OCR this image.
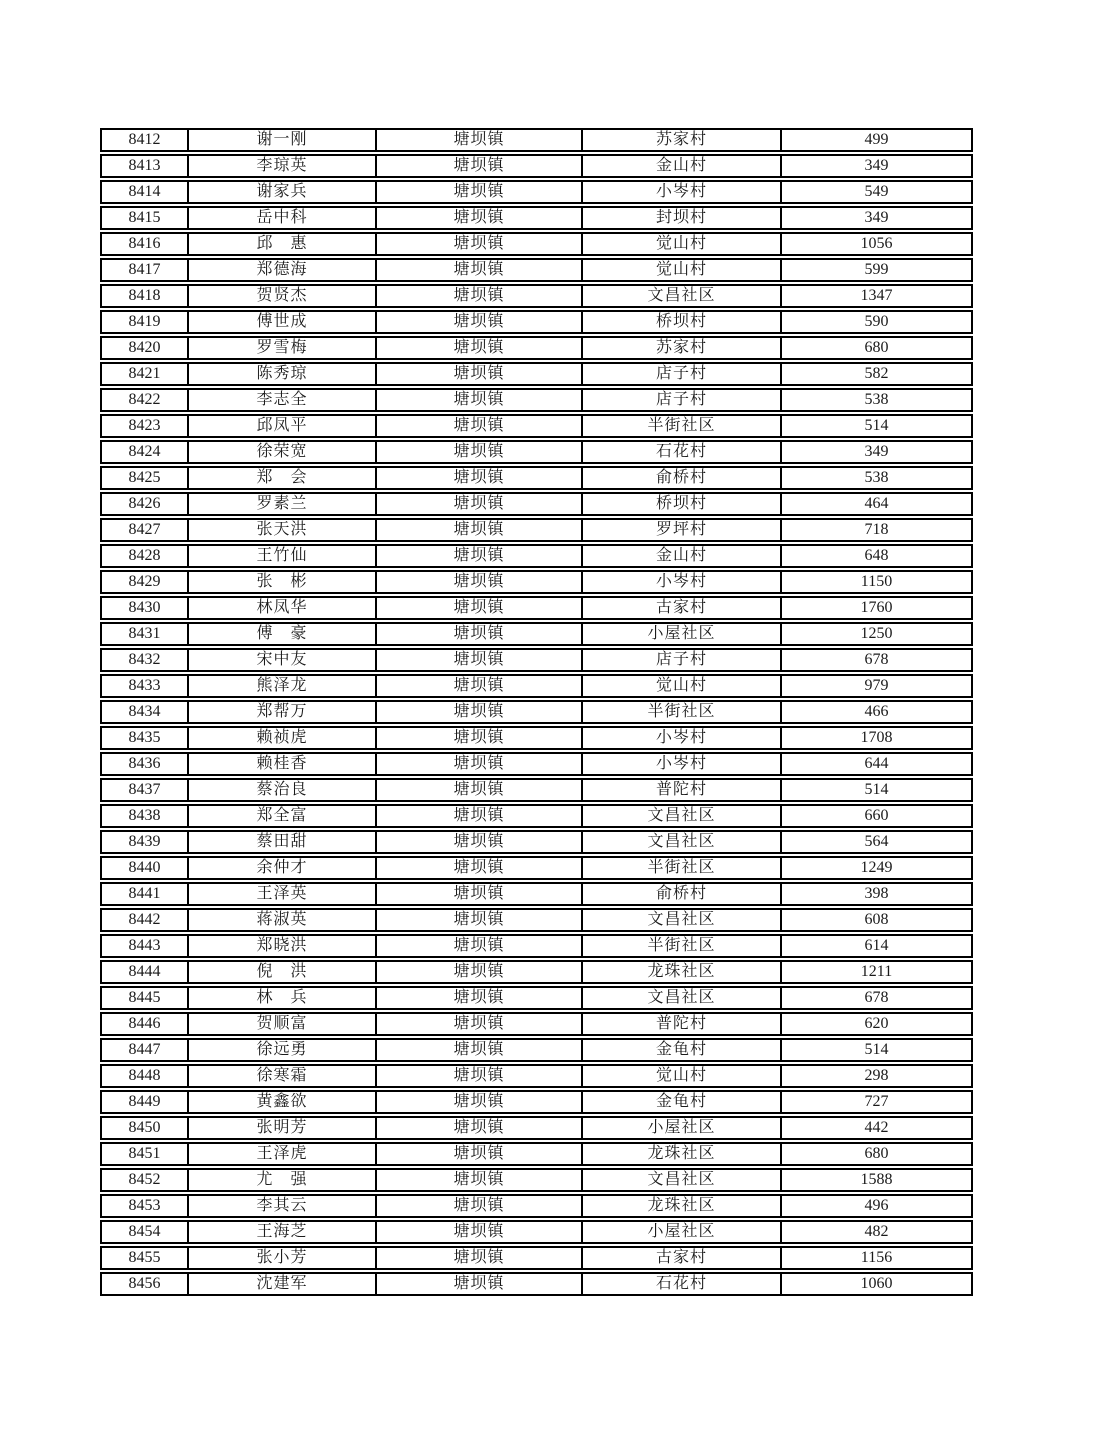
8412	谢一刚	塘坝镇	苏家村	499
8413	李琼英	塘坝镇	金山村	349
8414	谢家兵	塘坝镇	小岑村	549
8415	岳中科	塘坝镇	封坝村	349
8416	邱　惠	塘坝镇	觉山村	1056
8417	郑德海	塘坝镇	觉山村	599
8418	贺贤杰	塘坝镇	文昌社区	1347
8419	傅世成	塘坝镇	桥坝村	590
8420	罗雪梅	塘坝镇	苏家村	680
8421	陈秀琼	塘坝镇	店子村	582
8422	李志全	塘坝镇	店子村	538
8423	邱凤平	塘坝镇	半街社区	514
8424	徐荣宽	塘坝镇	石花村	349
8425	郑　会	塘坝镇	俞桥村	538
8426	罗素兰	塘坝镇	桥坝村	464
8427	张天洪	塘坝镇	罗坪村	718
8428	王竹仙	塘坝镇	金山村	648
8429	张　彬	塘坝镇	小岑村	1150
8430	林凤华	塘坝镇	古家村	1760
8431	傅　豪	塘坝镇	小屋社区	1250
8432	宋中友	塘坝镇	店子村	678
8433	熊泽龙	塘坝镇	觉山村	979
8434	郑帮万	塘坝镇	半街社区	466
8435	赖祯虎	塘坝镇	小岑村	1708
8436	赖桂香	塘坝镇	小岑村	644
8437	蔡治良	塘坝镇	普陀村	514
8438	郑全富	塘坝镇	文昌社区	660
8439	蔡田甜	塘坝镇	文昌社区	564
8440	余仲才	塘坝镇	半街社区	1249
8441	王泽英	塘坝镇	俞桥村	398
8442	蒋淑英	塘坝镇	文昌社区	608
8443	郑晓洪	塘坝镇	半街社区	614
8444	倪　洪	塘坝镇	龙珠社区	1211
8445	林　兵	塘坝镇	文昌社区	678
8446	贺顺富	塘坝镇	普陀村	620
8447	徐远勇	塘坝镇	金龟村	514
8448	徐寒霜	塘坝镇	觉山村	298
8449	黄鑫欲	塘坝镇	金龟村	727
8450	张明芳	塘坝镇	小屋社区	442
8451	王泽虎	塘坝镇	龙珠社区	680
8452	尤　强	塘坝镇	文昌社区	1588
8453	李其云	塘坝镇	龙珠社区	496
8454	王海芝	塘坝镇	小屋社区	482
8455	张小芳	塘坝镇	古家村	1156
8456	沈建军	塘坝镇	石花村	1060
